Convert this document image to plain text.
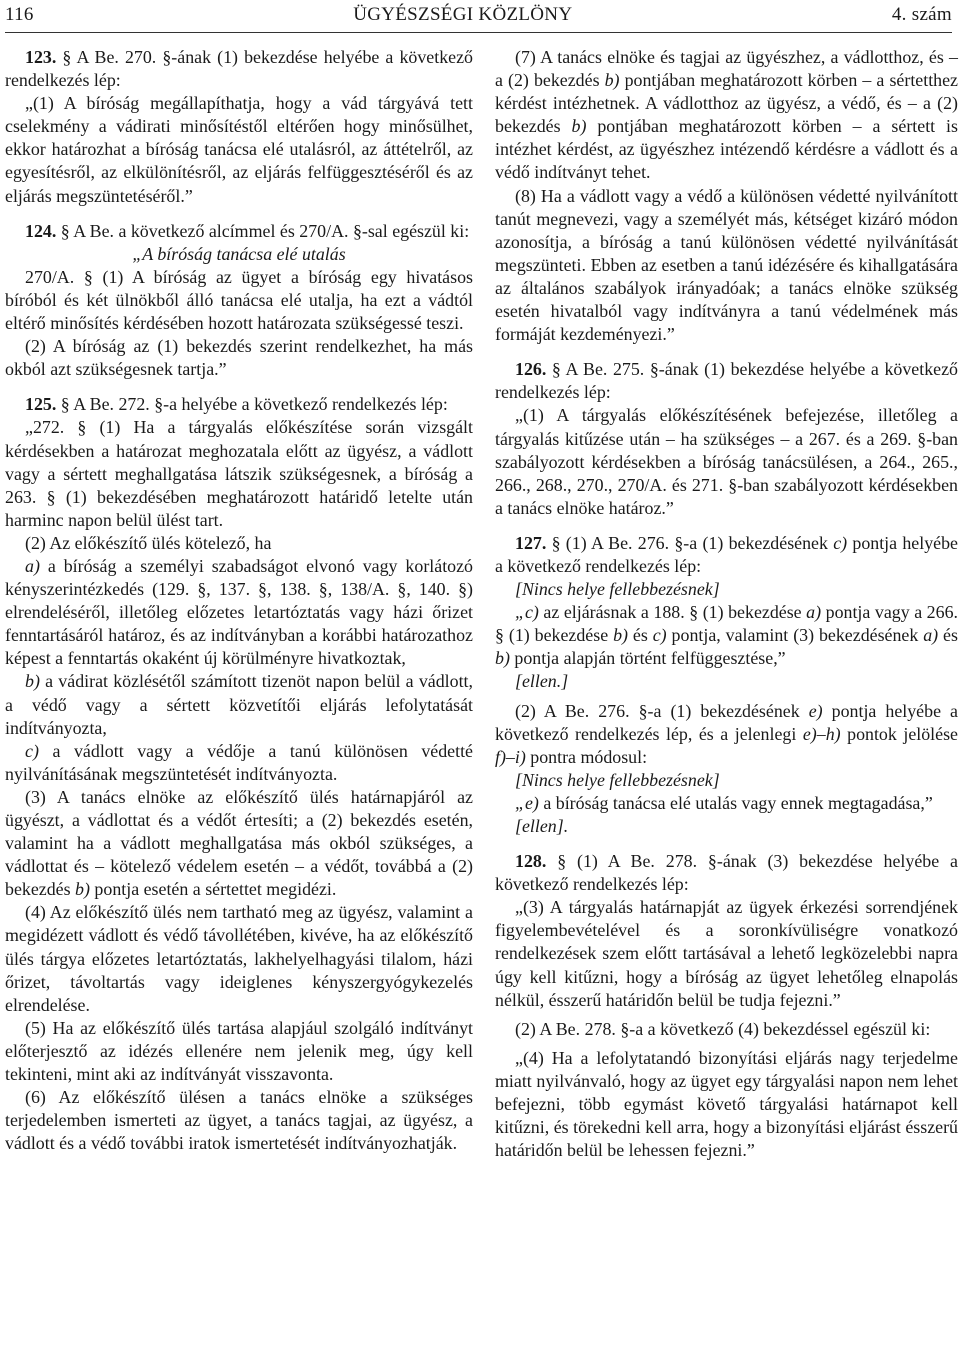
116	ÜGYÉSZSÉGI KÖZLÖNY	4. szám

123. § A Be. 270. §-ának (1) bekezdése helyébe a következő rendelkezés lép:

„(1) A bíróság megállapíthatja, hogy a vád tárgyává tett cselekmény a vádirati minősítéstől eltérően hogy minősülhet, ekkor határozhat a bíróság tanácsa elé utalásról, az áttételről, az egyesítésről, az elkülönítésről, az eljárás felfüggesztéséről és az eljárás megszüntetéséről.”

124. § A Be. a következő alcímmel és 270/A. §-sal egészül ki:

„A bíróság tanácsa elé utalás

270/A. § (1) A bíróság az ügyet a bíróság egy hivatásos bíróból és két ülnökből álló tanácsa elé utalja, ha ezt a vádtól eltérő minősítés kérdésében hozott határozata szükségessé teszi.

(2) A bíróság az (1) bekezdés szerint rendelkezhet, ha más okból azt szükségesnek tartja.”

125. § A Be. 272. §-a helyébe a következő rendelkezés lép:

„272. § (1) Ha a tárgyalás előkészítése során vizsgált kérdésekben a határozat meghozatala előtt az ügyész, a vádlott vagy a sértett meghallgatása látszik szükségesnek, a bíróság a 263. § (1) bekezdésében meghatározott határidő letelte után harminc napon belül ülést tart.

(2) Az előkészítő ülés kötelező, ha

a) a bíróság a személyi szabadságot elvonó vagy korlátozó kényszerintézkedés (129. §, 137. §, 138. §, 138/A. §, 140. §) elrendeléséről, illetőleg előzetes letartóztatás vagy házi őrizet fenntartásáról határoz, és az indítványban a korábbi határozathoz képest a fenntartás okaként új körülményre hivatkoztak,

b) a vádirat közlésétől számított tizenöt napon belül a vádlott, a védő vagy a sértett közvetítői eljárás lefolytatását indítványozta,

c) a vádlott vagy a védője a tanú különösen védetté nyilvánításának megszüntetését indítványozta.

(3) A tanács elnöke az előkészítő ülés határnapjáról az ügyészt, a vádlottat és a védőt értesíti; a (2) bekezdés esetén, valamint ha a vádlott meghallgatása más okból szükséges, a vádlottat és – kötelező védelem esetén – a védőt, továbbá a (2) bekezdés b) pontja esetén a sértettet megidézi.

(4) Az előkészítő ülés nem tartható meg az ügyész, valamint a megidézett vádlott és védő távollétében, kivéve, ha az előkészítő ülés tárgya előzetes letartóztatás, lakhelyelhagyási tilalom, házi őrizet, távoltartás vagy ideiglenes kényszergyógykezelés elrendelése.

(5) Ha az előkészítő ülés tartása alapjául szolgáló indítványt előterjesztő az idézés ellenére nem jelenik meg, úgy kell tekinteni, mint aki az indítványát visszavonta.

(6) Az előkészítő ülésen a tanács elnöke a szükséges terjedelemben ismerteti az ügyet, a tanács tagjai, az ügyész, a vádlott és a védő további iratok ismertetését indítványozhatják.

(7) A tanács elnöke és tagjai az ügyészhez, a vádlotthoz, és – a (2) bekezdés b) pontjában meghatározott körben – a sértetthez kérdést intézhetnek. A vádlotthoz az ügyész, a védő, és – a (2) bekezdés b) pontjában meghatározott körben – a sértett is intézhet kérdést, az ügyészhez intézendő kérdésre a vádlott és a védő indítványt tehet.

(8) Ha a vádlott vagy a védő a különösen védetté nyilvánított tanút megnevezi, vagy a személyét más, kétséget kizáró módon azonosítja, a bíróság a tanú különösen védetté nyilvánítását megszünteti. Ebben az esetben a tanú idézésére és kihallgatására az általános szabályok irányadóak; a tanács elnöke szükség esetén hivatalból vagy indítványra a tanú védelmének más formáját kezdeményezi.”

126. § A Be. 275. §-ának (1) bekezdése helyébe a következő rendelkezés lép:

„(1) A tárgyalás előkészítésének befejezése, illetőleg a tárgyalás kitűzése után – ha szükséges – a 267. és a 269. §-ban szabályozott kérdésekben a bíróság tanácsülésen, a 264., 265., 266., 268., 270., 270/A. és 271. §-ban szabályozott kérdésekben a tanács elnöke határoz.”

127. § (1) A Be. 276. §-a (1) bekezdésének c) pontja helyébe a következő rendelkezés lép:

[Nincs helye fellebbezésnek]

„c) az eljárásnak a 188. § (1) bekezdése a) pontja vagy a 266. § (1) bekezdése b) és c) pontja, valamint (3) bekezdésének a) és b) pontja alapján történt felfüggesztése,”

[ellen.]

(2) A Be. 276. §-a (1) bekezdésének e) pontja helyébe a következő rendelkezés lép, és a jelenlegi e)–h) pontok jelölése f)–i) pontra módosul:

[Nincs helye fellebbezésnek]

„e) a bíróság tanácsa elé utalás vagy ennek megtagadása,”

[ellen].

128. § (1) A Be. 278. §-ának (3) bekezdése helyébe a következő rendelkezés lép:

„(3) A tárgyalás határnapját az ügyek érkezési sorrendjének figyelembevételével és a soronkívüliségre vonatkozó rendelkezések szem előtt tartásával a lehető legközelebbi napra úgy kell kitűzni, hogy a bíróság az ügyet lehetőleg elnapolás nélkül, ésszerű határidőn belül be tudja fejezni.”

(2) A Be. 278. §-a a következő (4) bekezdéssel egészül ki:

„(4) Ha a lefolytatandó bizonyítási eljárás nagy terjedelme miatt nyilvánvaló, hogy az ügyet egy tárgyalási napon nem lehet befejezni, több egymást követő tárgyalási határnapot kell kitűzni, és törekedni kell arra, hogy a bizonyítási eljárást ésszerű határidőn belül be lehessen fejezni.”
